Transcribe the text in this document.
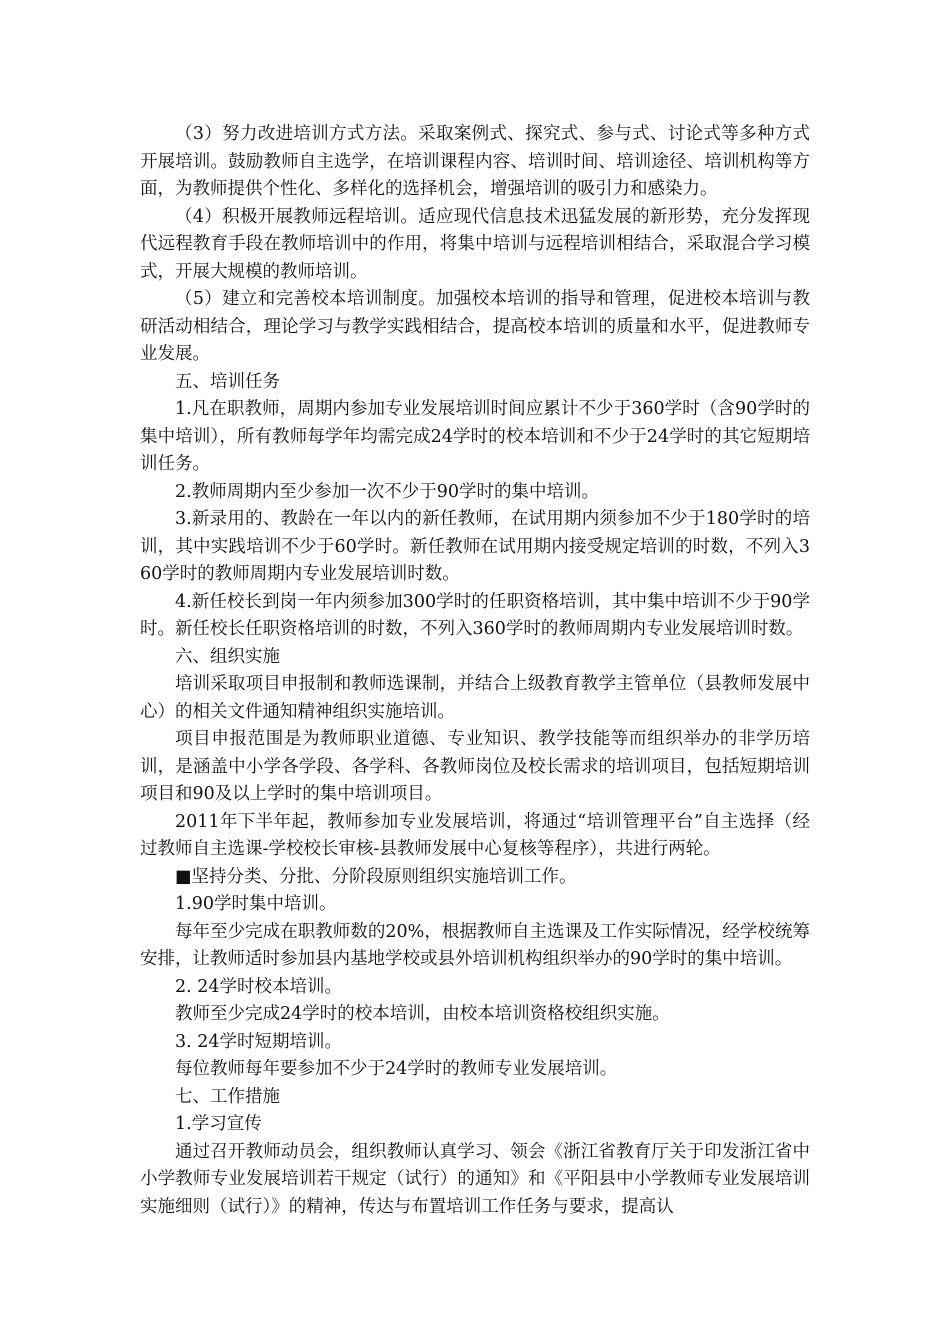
（3）努力改进培训方式方法。采取案例式、探究式、参与式、讨论式等多种方式开展培训。鼓励教师自主选学，在培训课程内容、培训时间、培训途径、培训机构等方面，为教师提供个性化、多样化的选择机会，增强培训的吸引力和感染力。

（4）积极开展教师远程培训。适应现代信息技术迅猛发展的新形势，充分发挥现代远程教育手段在教师培训中的作用，将集中培训与远程培训相结合，采取混合学习模式，开展大规模的教师培训。

（5）建立和完善校本培训制度。加强校本培训的指导和管理，促进校本培训与教研活动相结合，理论学习与教学实践相结合，提高校本培训的质量和水平，促进教师专业发展。

五、培训任务

1.凡在职教师，周期内参加专业发展培训时间应累计不少于360学时（含90学时的集中培训），所有教师每学年均需完成24学时的校本培训和不少于24学时的其它短期培训任务。

2.教师周期内至少参加一次不少于90学时的集中培训。

3.新录用的、教龄在一年以内的新任教师，在试用期内须参加不少于180学时的培训，其中实践培训不少于60学时。新任教师在试用期内接受规定培训的时数，不列入360学时的教师周期内专业发展培训时数。

4.新任校长到岗一年内须参加300学时的任职资格培训，其中集中培训不少于90学时。新任校长任职资格培训的时数，不列入360学时的教师周期内专业发展培训时数。

六、组织实施

培训采取项目申报制和教师选课制，并结合上级教育教学主管单位（县教师发展中心）的相关文件通知精神组织实施培训。

项目申报范围是为教师职业道德、专业知识、教学技能等而组织举办的非学历培训，是涵盖中小学各学段、各学科、各教师岗位及校长需求的培训项目，包括短期培训项目和90及以上学时的集中培训项目。

2011年下半年起，教师参加专业发展培训，将通过“培训管理平台”自主选择（经过教师自主选课-学校校长审核-县教师发展中心复核等程序），共进行两轮。

■坚持分类、分批、分阶段原则组织实施培训工作。

1.90学时集中培训。

每年至少完成在职教师数的20%，根据教师自主选课及工作实际情况，经学校统筹安排，让教师适时参加县内基地学校或县外培训机构组织举办的90学时的集中培训。

2. 24学时校本培训。

教师至少完成24学时的校本培训，由校本培训资格校组织实施。

3. 24学时短期培训。

每位教师每年要参加不少于24学时的教师专业发展培训。

七、工作措施

1.学习宣传

通过召开教师动员会，组织教师认真学习、领会《浙江省教育厅关于印发浙江省中小学教师专业发展培训若干规定（试行）的通知》和《平阳县中小学教师专业发展培训实施细则（试行）》的精神，传达与布置培训工作任务与要求，提高认
